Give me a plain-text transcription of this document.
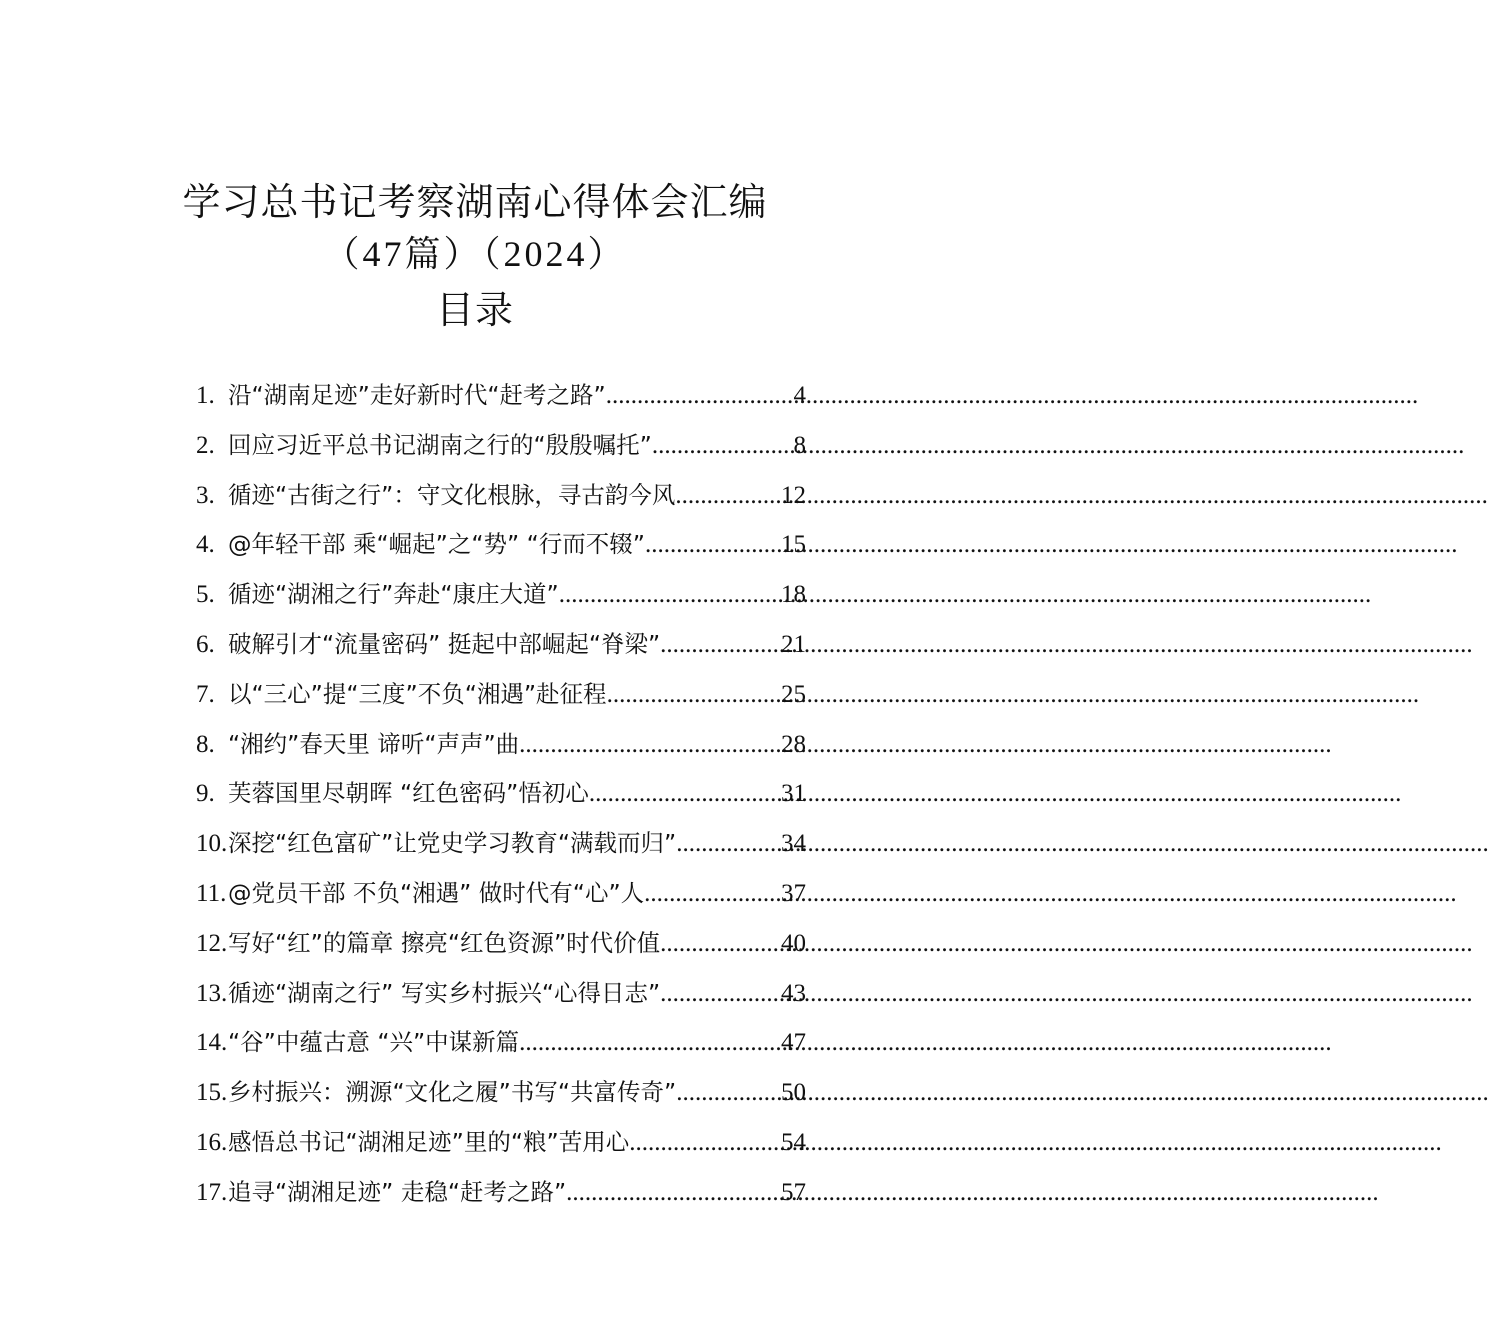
学习总书记考察湖南心得体会汇编
（47篇）（2024）
目录
1. 沿“湖南足迹”走好新时代“赶考之路” .....	4
2. 回应习近平总书记湖南之行的“殷殷嘱托” .....	8
3. 循迹“古街之行”：守文化根脉，寻古韵今风 .....	12
4. @年轻干部 乘“崛起”之“势” “行而不辍” .....	15
5. 循迹“湖湘之行”奔赴“康庄大道” .....	18
6. 破解引才“流量密码” 挺起中部崛起“脊梁” .....	21
7. 以“三心”提“三度”不负“湘遇”赴征程 .....	25
8. “湘约”春天里 谛听“声声”曲 .....	28
9. 芙蓉国里尽朝晖 “红色密码”悟初心 .....	31
10. 深挖“红色富矿”让党史学习教育“满载而归” .....	34
11. @党员干部 不负“湘遇” 做时代有“心”人 .....	37
12. 写好“红”的篇章 擦亮“红色资源”时代价值 .....	40
13. 循迹“湖南之行” 写实乡村振兴“心得日志” .....	43
14. “谷”中蕴古意 “兴”中谋新篇 .....	47
15. 乡村振兴：溯源“文化之履”书写“共富传奇” .....	50
16. 感悟总书记“湖湘足迹”里的“粮”苦用心 .....	54
17. 追寻“湖湘足迹” 走稳“赶考之路” .....	57
